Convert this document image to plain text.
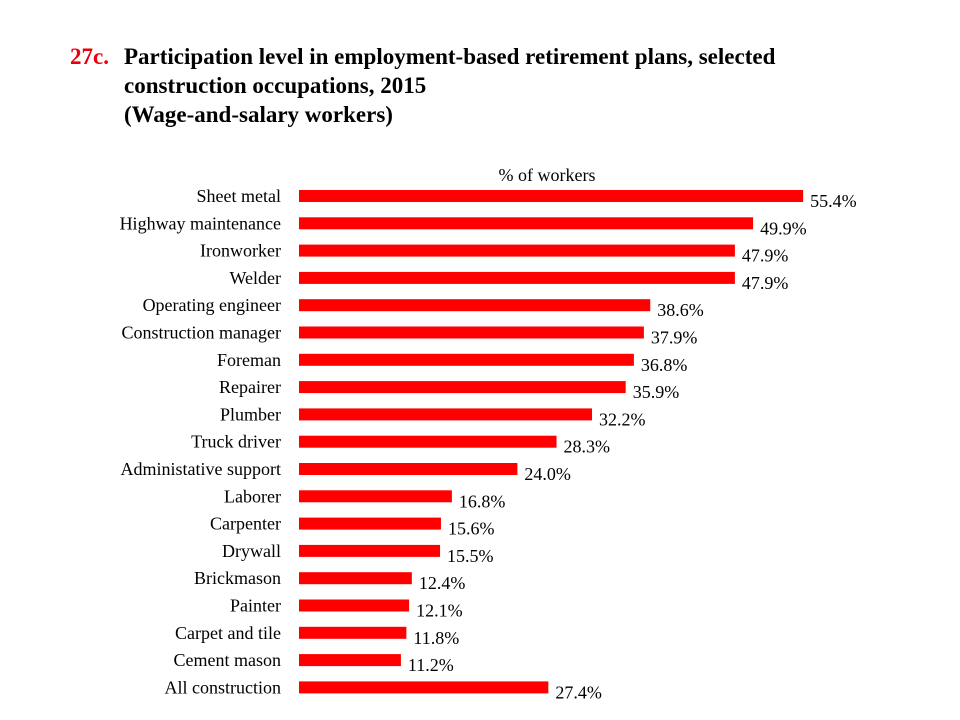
27c. Participation level in employment-based retirement plans, selected
construction occupations, 2015
(Wage-and-salary workers)
% of workers
Sheet metal	55.4%
Highway maintenance	49.9%
Ironworker	47.9%
Welder	47.9%
Operating engineer	38.6%
Construction manager	37.9%
Foreman	36.8%
Repairer	35.9%
Plumber	32.2%
Truck driver	28.3%
Administative support	24.0%
Laborer	16.8%
Carpenter	15.6%
Drywall	15.5%
Brickmason	12.4%
Painter	12.1%
Carpet and tile	11.8%
Cement mason	11.2%
All construction	27.4%
